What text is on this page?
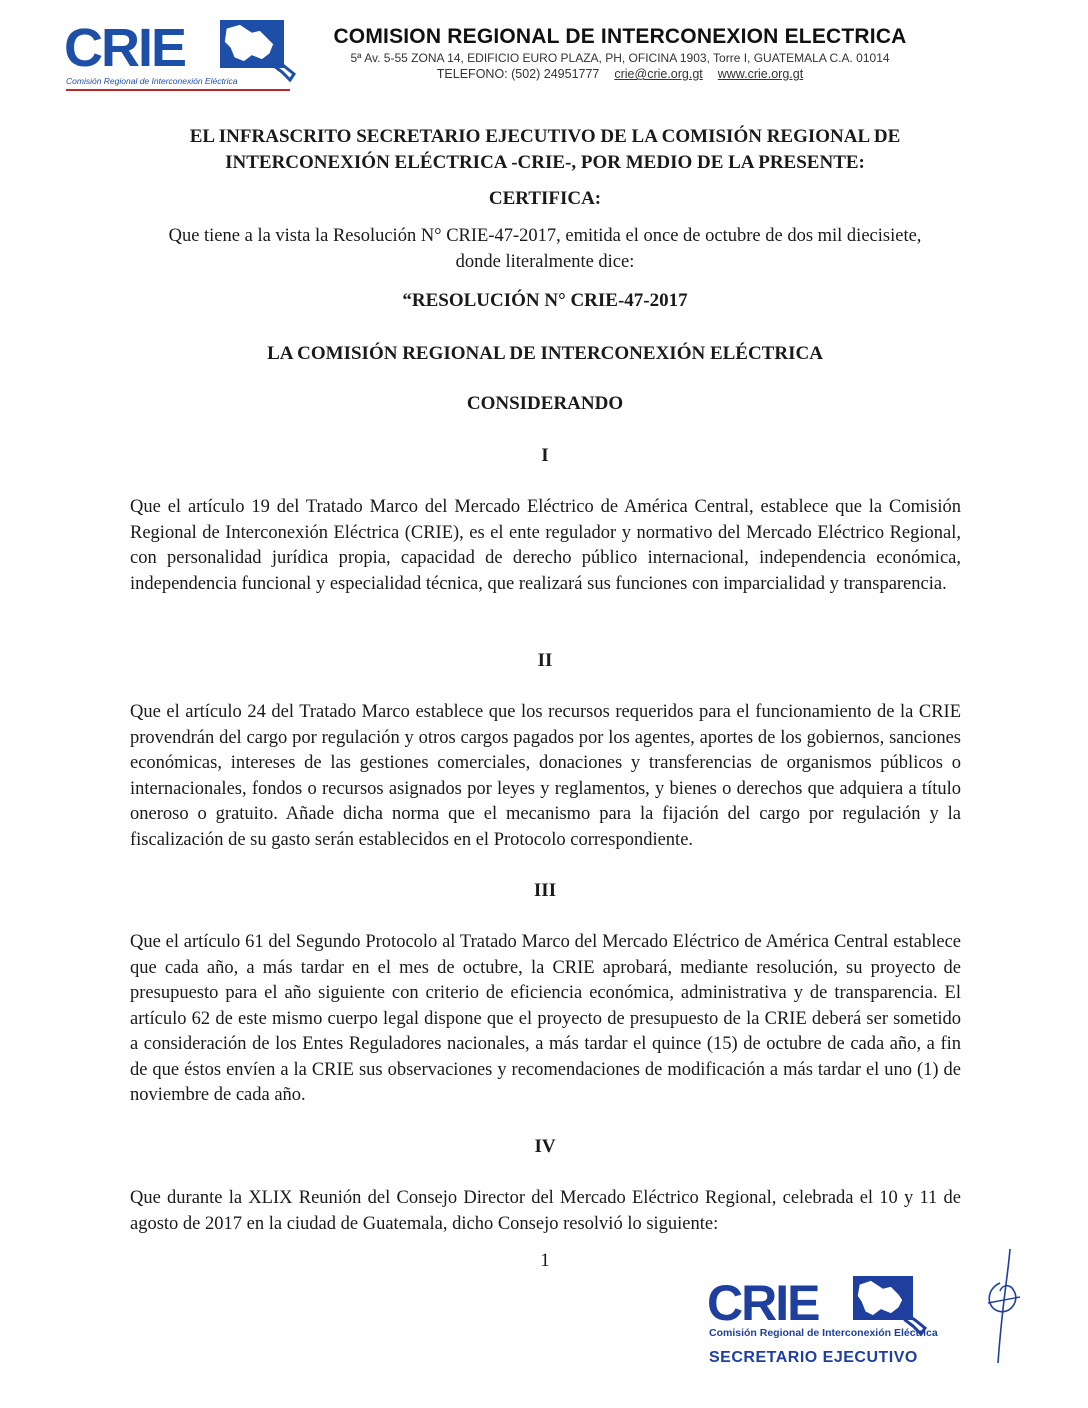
CRIE
Comisión Regional de Interconexión Eléctrica
COMISION REGIONAL DE INTERCONEXION ELECTRICA
5ª Av. 5-55 ZONA 14, EDIFICIO EURO PLAZA, PH, OFICINA 1903, Torre I, GUATEMALA C.A. 01014
TELEFONO: (502) 24951777 crie@crie.org.gt www.crie.org.gt
EL INFRASCRITO SECRETARIO EJECUTIVO DE LA COMISIÓN REGIONAL DE
INTERCONEXIÓN ELÉCTRICA -CRIE-, POR MEDIO DE LA PRESENTE:
CERTIFICA:
Que tiene a la vista la Resolución N° CRIE-47-2017, emitida el once de octubre de dos mil diecisiete,
donde literalmente dice:
“RESOLUCIÓN N° CRIE-47-2017
LA COMISIÓN REGIONAL DE INTERCONEXIÓN ELÉCTRICA
CONSIDERANDO
I
Que el artículo 19 del Tratado Marco del Mercado Eléctrico de América Central, establece que la Comisión Regional de Interconexión Eléctrica (CRIE), es el ente regulador y normativo del Mercado Eléctrico Regional, con personalidad jurídica propia, capacidad de derecho público internacional, independencia económica, independencia funcional y especialidad técnica, que realizará sus funciones con imparcialidad y transparencia.
II
Que el artículo 24 del Tratado Marco establece que los recursos requeridos para el funcionamiento de la CRIE provendrán del cargo por regulación y otros cargos pagados por los agentes, aportes de los gobiernos, sanciones económicas, intereses de las gestiones comerciales, donaciones y transferencias de organismos públicos o internacionales, fondos o recursos asignados por leyes y reglamentos, y bienes o derechos que adquiera a título oneroso o gratuito. Añade dicha norma que el mecanismo para la fijación del cargo por regulación y la fiscalización de su gasto serán establecidos en el Protocolo correspondiente.
III
Que el artículo 61 del Segundo Protocolo al Tratado Marco del Mercado Eléctrico de América Central establece que cada año, a más tardar en el mes de octubre, la CRIE aprobará, mediante resolución, su proyecto de presupuesto para el año siguiente con criterio de eficiencia económica, administrativa y de transparencia. El artículo 62 de este mismo cuerpo legal dispone que el proyecto de presupuesto de la CRIE deberá ser sometido a consideración de los Entes Reguladores nacionales, a más tardar el quince (15) de octubre de cada año, a fin de que éstos envíen a la CRIE sus observaciones y recomendaciones de modificación a más tardar el uno (1) de noviembre de cada año.
IV
Que durante la XLIX Reunión del Consejo Director del Mercado Eléctrico Regional, celebrada el 10 y 11 de agosto de 2017 en la ciudad de Guatemala, dicho Consejo resolvió lo siguiente:
1
CRIE
Comisión Regional de Interconexión Eléctrica
SECRETARIO EJECUTIVO
